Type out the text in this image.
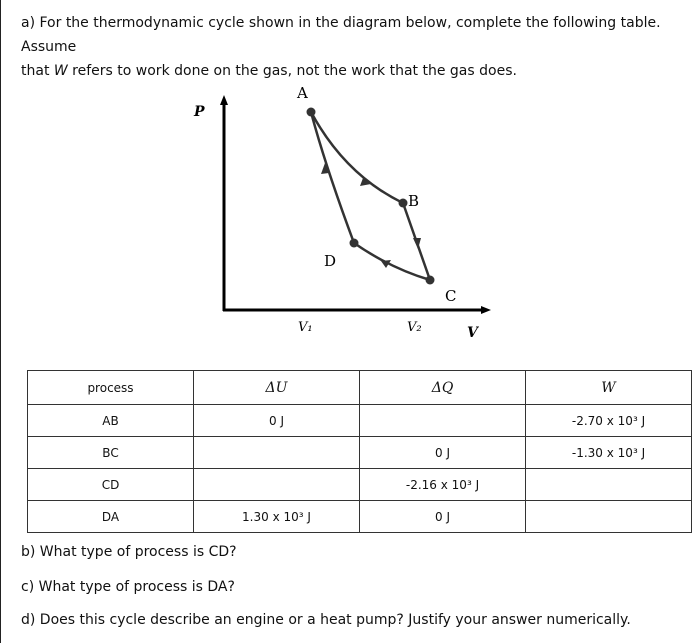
a) For the thermodynamic cycle shown in the diagram below, complete the following table. Assume
that W refers to work done on the gas, not the work that the gas does.
A
B
C
D
P
V
V₁	V₂
process	ΔU	ΔQ	W
AB	0 J		-2.70 x 10³ J
BC		0 J	-1.30 x 10³ J
CD		-2.16 x 10³ J	
DA	1.30 x 10³ J	0 J	
b) What type of process is CD?
c) What type of process is DA?
d) Does this cycle describe an engine or a heat pump? Justify your answer numerically.
